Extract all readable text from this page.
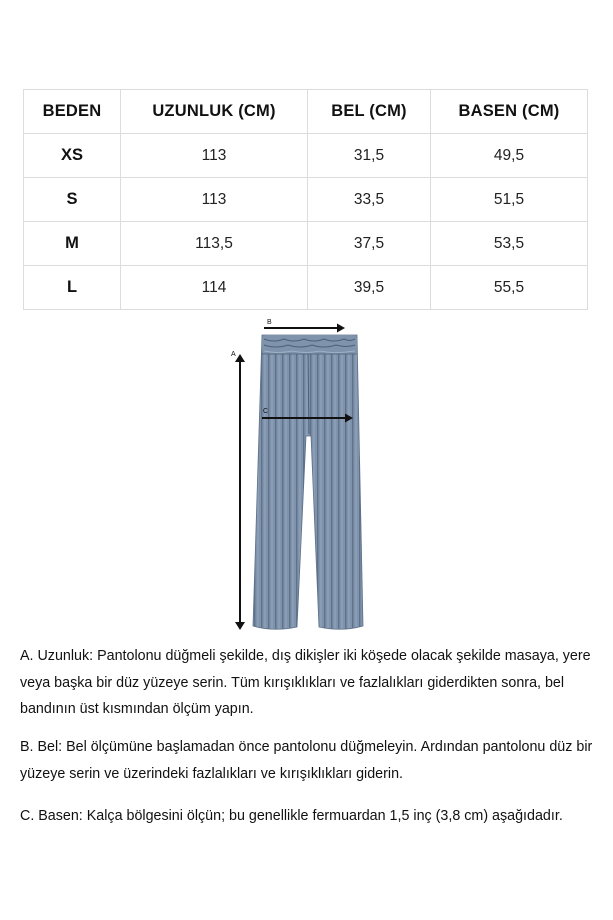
BEDEN	UZUNLUK (CM)	BEL (CM)	BASEN (CM)
XS	113	31,5	49,5
S	113	33,5	51,5
M	113,5	37,5	53,5
L	114	39,5	55,5
A
B
C

A. Uzunluk: Pantolonu düğmeli şekilde, dış dikişler iki köşede olacak şekilde masaya, yere veya başka bir düz yüzeye serin. Tüm kırışıklıkları ve fazlalıkları giderdikten sonra, bel bandının üst kısmından ölçüm yapın.

B. Bel: Bel ölçümüne başlamadan önce pantolonu düğmeleyin. Ardından pantolonu düz bir yüzeye serin ve üzerindeki fazlalıkları ve kırışıklıkları giderin.

C. Basen: Kalça bölgesini ölçün; bu genellikle fermuardan 1,5 inç (3,8 cm) aşağıdadır.
